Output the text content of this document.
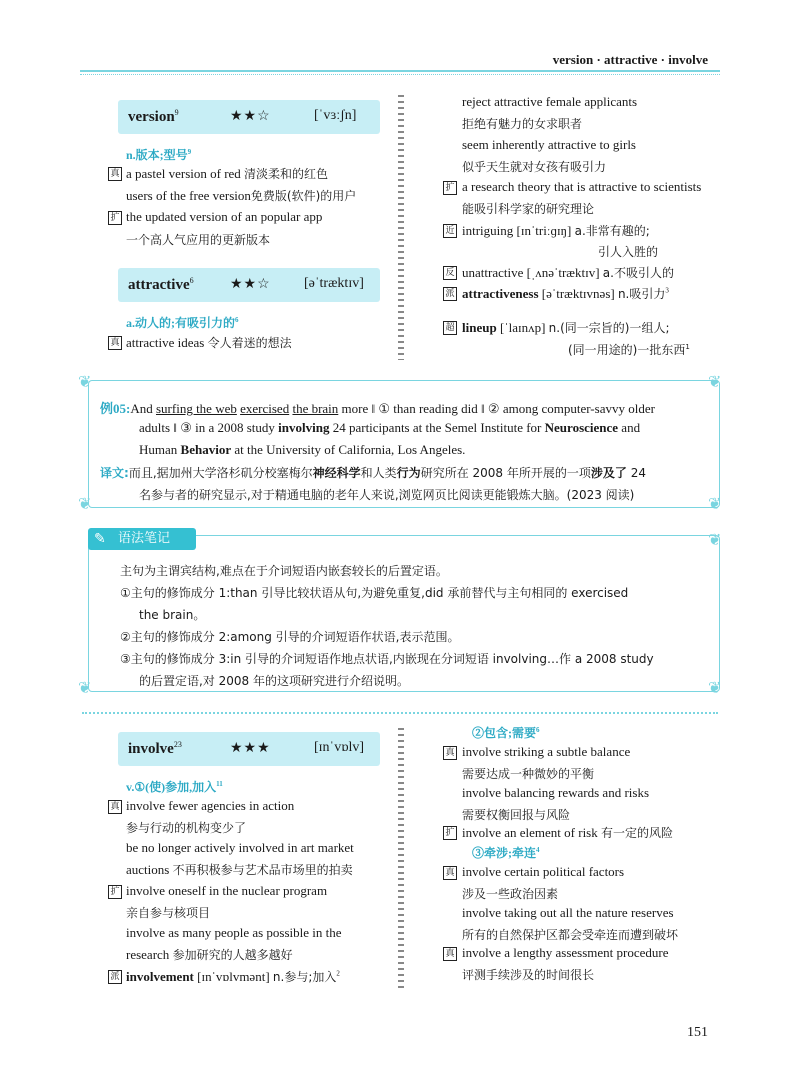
version · attractive · involve
version$^9$	★★☆	[ˈvɜːʃn]
n.版本;型号$^9$
真 a pastel version of red 清淡柔和的红色
users of the free version免费版(软件)的用户
扩 the updated version of an popular app
一个高人气应用的更新版本
attractive$^6$	★★☆ [əˈtræktɪv]
a.动人的;有吸引力的$^6$
真 attractive ideas 令人着迷的想法
reject attractive female applicants
拒绝有魅力的女求职者
seem inherently attractive to girls
似乎天生就对女孩有吸引力
扩 a research theory that is attractive to scientists
能吸引科学家的研究理论
近 intriguing [ɪnˈtriːɡɪŋ] a.非常有趣的;
引人入胜的
反 unattractive [ˌʌnəˈtræktɪv] a.不吸引人的
派 attractiveness [əˈtræktɪvnəs] n.吸引力$^3$
超 lineup [ˈlaɪnʌp] n.(同一宗旨的)一组人;
(同一用途的)一批东西$^1$
❦	❦
❦	❦
例05:And surfing the web exercised the brain more ‖ ① than reading did ‖ ② among computer-savvy older
adults ‖ ③ in a 2008 study involving 24 participants at the Semel Institute for Neuroscience and
Human Behavior at the University of California, Los Angeles.
译文:而且,据加州大学洛杉矶分校塞梅尔神经科学和人类行为研究所在 2008 年所开展的一项涉及了 24
名参与者的研究显示,对于精通电脑的老年人来说,浏览网页比阅读更能锻炼大脑。(2023 阅读)
✎ 语法笔记	❦
❦	❦
主句为主谓宾结构,难点在于介词短语内嵌套较长的后置定语。
①主句的修饰成分 1:than 引导比较状语从句,为避免重复,did 承前替代与主句相同的 exercised
the brain。
②主句的修饰成分 2:among 引导的介词短语作状语,表示范围。
③主句的修饰成分 3:in 引导的介词短语作地点状语,内嵌现在分词短语 involving…作 a 2008 study
的后置定语,对 2008 年的这项研究进行介绍说明。
involve$^{23}$	★★★	[ɪnˈvɒlv]
v.①(使)参加,加入$^{11}$
真 involve fewer agencies in action
参与行动的机构变少了
be no longer actively involved in art market
auctions 不再积极参与艺术品市场里的拍卖
扩 involve oneself in the nuclear program
亲自参与核项目
involve as many people as possible in the
research 参加研究的人越多越好
派 involvement [ɪnˈvɒlvmənt] n.参与;加入$^2$
②包含;需要$^6$
真 involve striking a subtle balance
需要达成一种微妙的平衡
involve balancing rewards and risks
需要权衡回报与风险
扩 involve an element of risk 有一定的风险
③牵涉;牵连$^4$
真 involve certain political factors
涉及一些政治因素
involve taking out all the nature reserves
所有的自然保护区都会受牵连而遭到破坏
真 involve a lengthy assessment procedure
评测手续涉及的时间很长
151
